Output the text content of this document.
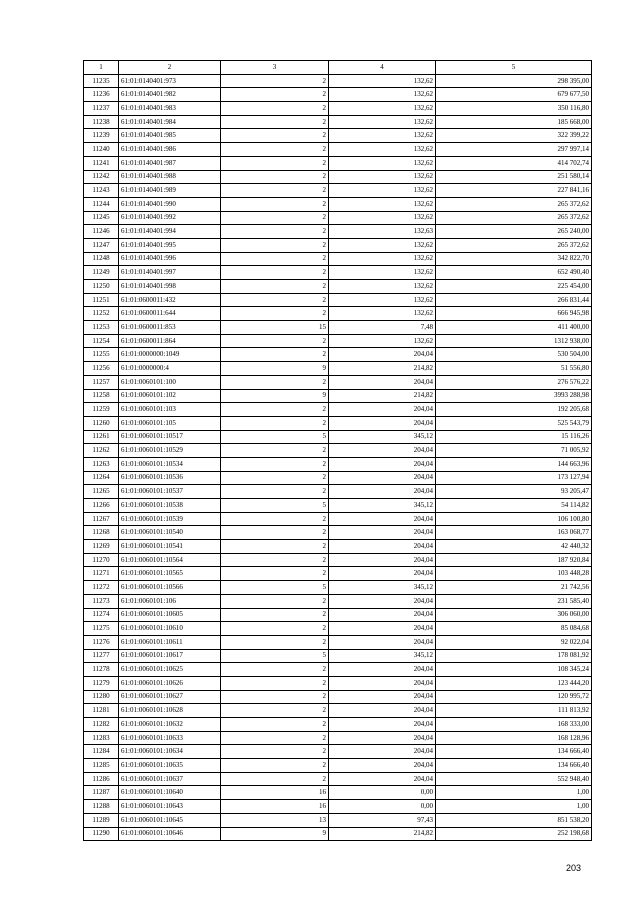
1	2	3	4	5
11235	61:01:0140401:973	2	132,62	298 395,00
11236	61:01:0140401:982	2	132,62	679 677,50
11237	61:01:0140401:983	2	132,62	350 116,80
11238	61:01:0140401:984	2	132,62	185 668,00
11239	61:01:0140401:985	2	132,62	322 399,22
11240	61:01:0140401:986	2	132,62	297 997,14
11241	61:01:0140401:987	2	132,62	414 702,74
11242	61:01:0140401:988	2	132,62	251 580,14
11243	61:01:0140401:989	2	132,62	227 841,16
11244	61:01:0140401:990	2	132,62	265 372,62
11245	61:01:0140401:992	2	132,62	265 372,62
11246	61:01:0140401:994	2	132,63	265 240,00
11247	61:01:0140401:995	2	132,62	265 372,62
11248	61:01:0140401:996	2	132,62	342 822,70
11249	61:01:0140401:997	2	132,62	652 490,40
11250	61:01:0140401:998	2	132,62	225 454,00
11251	61:01:0600011:432	2	132,62	266 831,44
11252	61:01:0600011:644	2	132,62	666 945,98
11253	61:01:0600011:853	15	7,48	411 400,00
11254	61:01:0600011:864	2	132,62	1312 938,00
11255	61:01:0000000:1049	2	204,04	530 504,00
11256	61:01:0000000:4	9	214,82	51 556,80
11257	61:01:0060101:100	2	204,04	276 576,22
11258	61:01:0060101:102	9	214,82	3993 288,98
11259	61:01:0060101:103	2	204,04	192 205,68
11260	61:01:0060101:105	2	204,04	525 543,79
11261	61:01:0060101:10517	5	345,12	15 116,26
11262	61:01:0060101:10529	2	204,04	71 005,92
11263	61:01:0060101:10534	2	204,04	144 663,96
11264	61:01:0060101:10536	2	204,04	173 127,94
11265	61:01:0060101:10537	2	204,04	93 205,47
11266	61:01:0060101:10538	5	345,12	54 114,82
11267	61:01:0060101:10539	2	204,04	106 100,80
11268	61:01:0060101:10540	2	204,04	163 068,77
11269	61:01:0060101:10541	2	204,04	42 440,32
11270	61:01:0060101:10564	2	204,04	187 920,84
11271	61:01:0060101:10565	2	204,04	103 448,28
11272	61:01:0060101:10566	5	345,12	21 742,56
11273	61:01:0060101:106	2	204,04	231 585,40
11274	61:01:0060101:10605	2	204,04	306 060,00
11275	61:01:0060101:10610	2	204,04	85 084,68
11276	61:01:0060101:10611	2	204,04	92 022,04
11277	61:01:0060101:10617	5	345,12	178 081,92
11278	61:01:0060101:10625	2	204,04	108 345,24
11279	61:01:0060101:10626	2	204,04	123 444,20
11280	61:01:0060101:10627	2	204,04	120 995,72
11281	61:01:0060101:10628	2	204,04	111 813,92
11282	61:01:0060101:10632	2	204,04	168 333,00
11283	61:01:0060101:10633	2	204,04	168 128,96
11284	61:01:0060101:10634	2	204,04	134 666,40
11285	61:01:0060101:10635	2	204,04	134 666,40
11286	61:01:0060101:10637	2	204,04	552 948,40
11287	61:01:0060101:10640	16	0,00	1,00
11288	61:01:0060101:10643	16	0,00	1,00
11289	61:01:0060101:10645	13	97,43	851 538,20
11290	61:01:0060101:10646	9	214,82	252 198,68
203
